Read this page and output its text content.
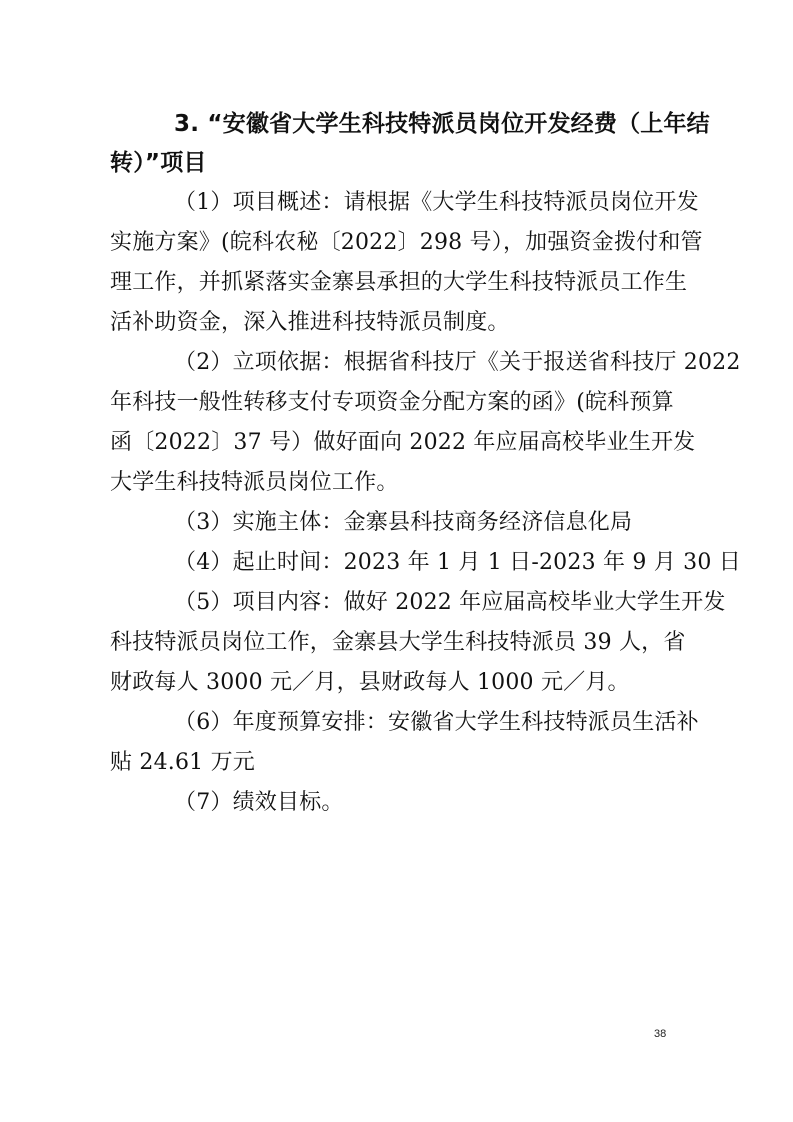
3. “安徽省大学生科技特派员岗位开发经费（上年结
转）”项目
（1）项目概述：请根据《大学生科技特派员岗位开发
实施方案》(皖科农秘〔2022〕298 号），加强资金拨付和管
理工作，并抓紧落实金寨县承担的大学生科技特派员工作生
活补助资金，深入推进科技特派员制度。
（2）立项依据：根据省科技厅《关于报送省科技厅 2022
年科技一般性转移支付专项资金分配方案的函》(皖科预算
函〔2022〕37 号）做好面向 2022 年应届高校毕业生开发
大学生科技特派员岗位工作。
（3）实施主体：金寨县科技商务经济信息化局
（4）起止时间：2023 年 1 月 1 日-2023 年 9 月 30 日
（5）项目内容：做好 2022 年应届高校毕业大学生开发
科技特派员岗位工作，金寨县大学生科技特派员 39 人，省
财政每人 3000 元／月，县财政每人 1000 元／月。
（6）年度预算安排：安徽省大学生科技特派员生活补
贴 24.61 万元
（7）绩效目标。
38
